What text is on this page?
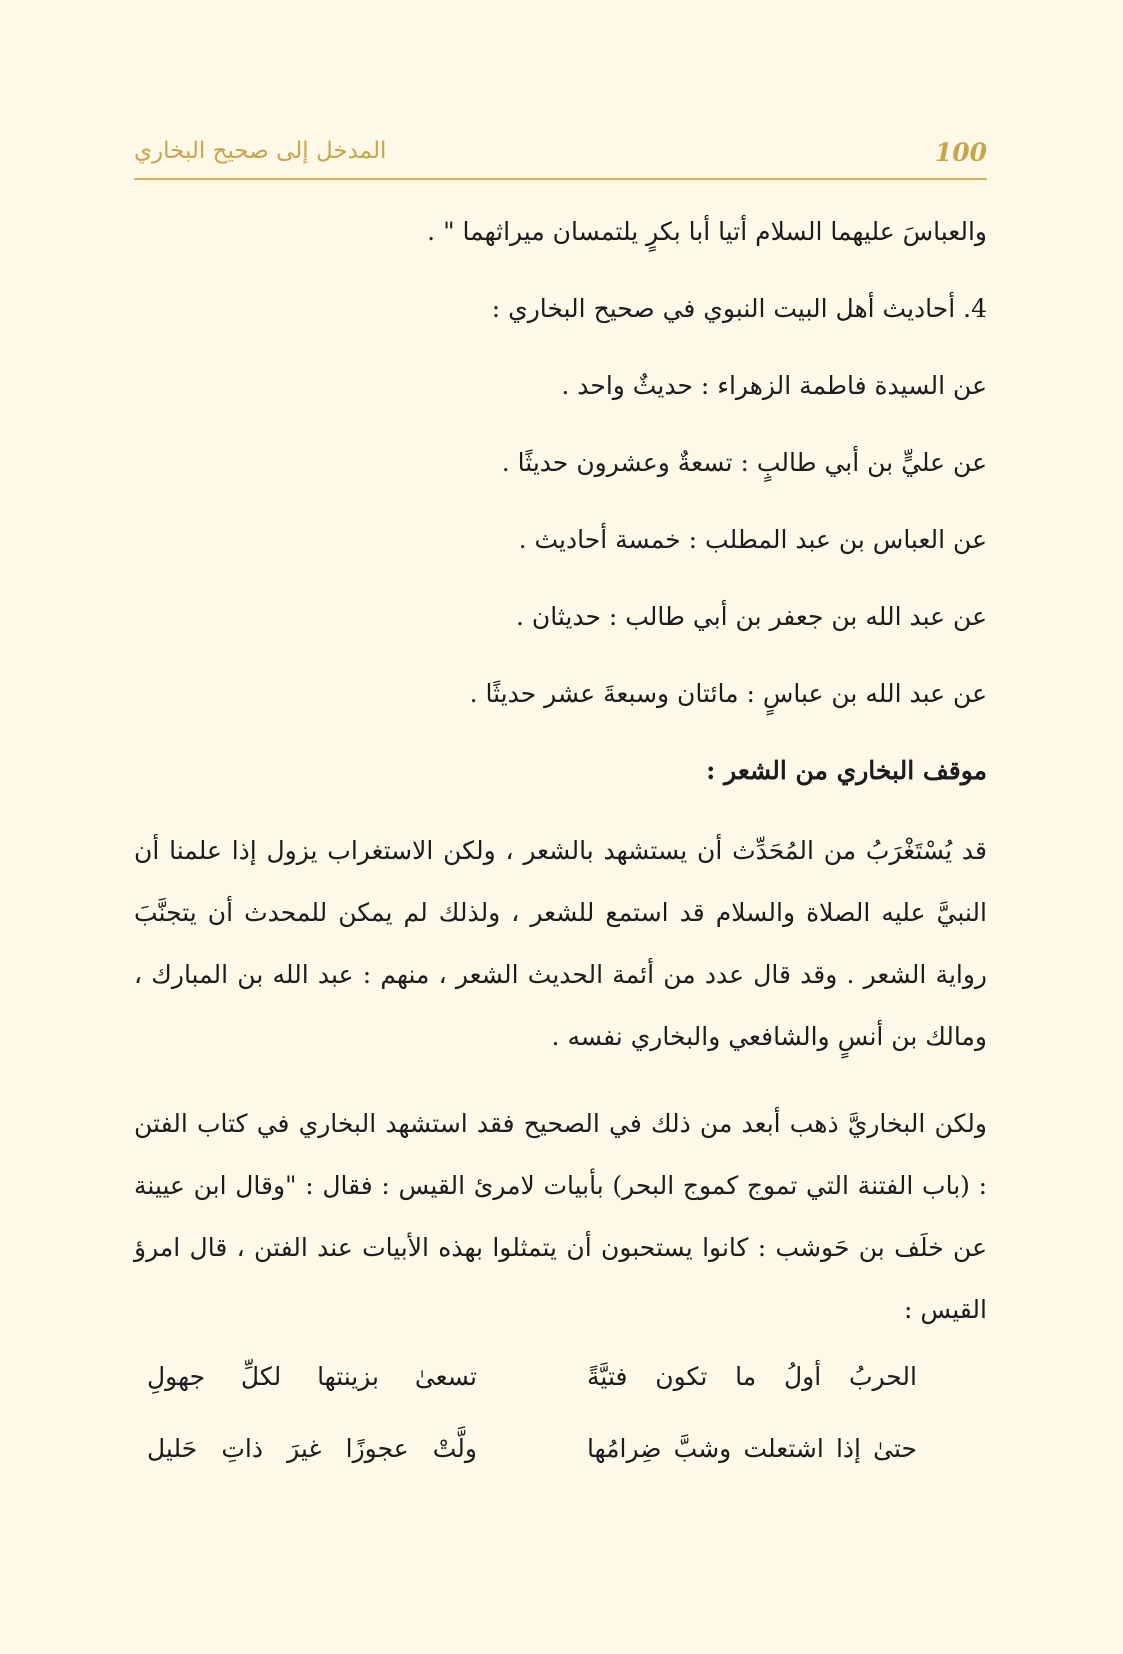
المدخل إلى صحيح البخاري	100
والعباسَ عليهما السلام أتيا أبا بكرٍ يلتمسان ميراثهما " .
4. أحاديث أهل البيت النبوي في صحيح البخاري :
عن السيدة فاطمة الزهراء : حديثٌ واحد .
عن عليٍّ بن أبي طالبٍ : تسعةٌ وعشرون حديثًا .
عن العباس بن عبد المطلب : خمسة أحاديث .
عن عبد الله بن جعفر بن أبي طالب : حديثان .
عن عبد الله بن عباسٍ : مائتان وسبعةَ عشر حديثًا .
موقف البخاري من الشعر :

قد يُسْتَغْرَبُ من المُحَدِّث أن يستشهد بالشعر ، ولكن الاستغراب يزول إذا علمنا أن النبيَّ عليه الصلاة والسلام قد استمع للشعر ، ولذلك لم يمكن للمحدث أن يتجنَّبَ رواية الشعر . وقد قال عدد من أئمة الحديث الشعر ، منهم : عبد الله بن المبارك ، ومالك بن أنسٍ والشافعي والبخاري نفسه .

ولكن البخاريَّ ذهب أبعد من ذلك في الصحيح فقد استشهد البخاري في كتاب الفتن : (باب الفتنة التي تموج كموج البحر) بأبيات لامرئ القيس : فقال : "وقال ابن عيينة عن خلَف بن حَوشب : كانوا يستحبون أن يتمثلوا بهذه الأبيات عند الفتن ، قال امرؤ القيس :

الحربُ أولُ ما تكون فتيَّةً
تسعىٰ بزينتها لكلِّ جهولِ
حتىٰ إذا اشتعلت وشبَّ ضِرامُها
ولَّتْ عجوزًا غيرَ ذاتِ حَليل
